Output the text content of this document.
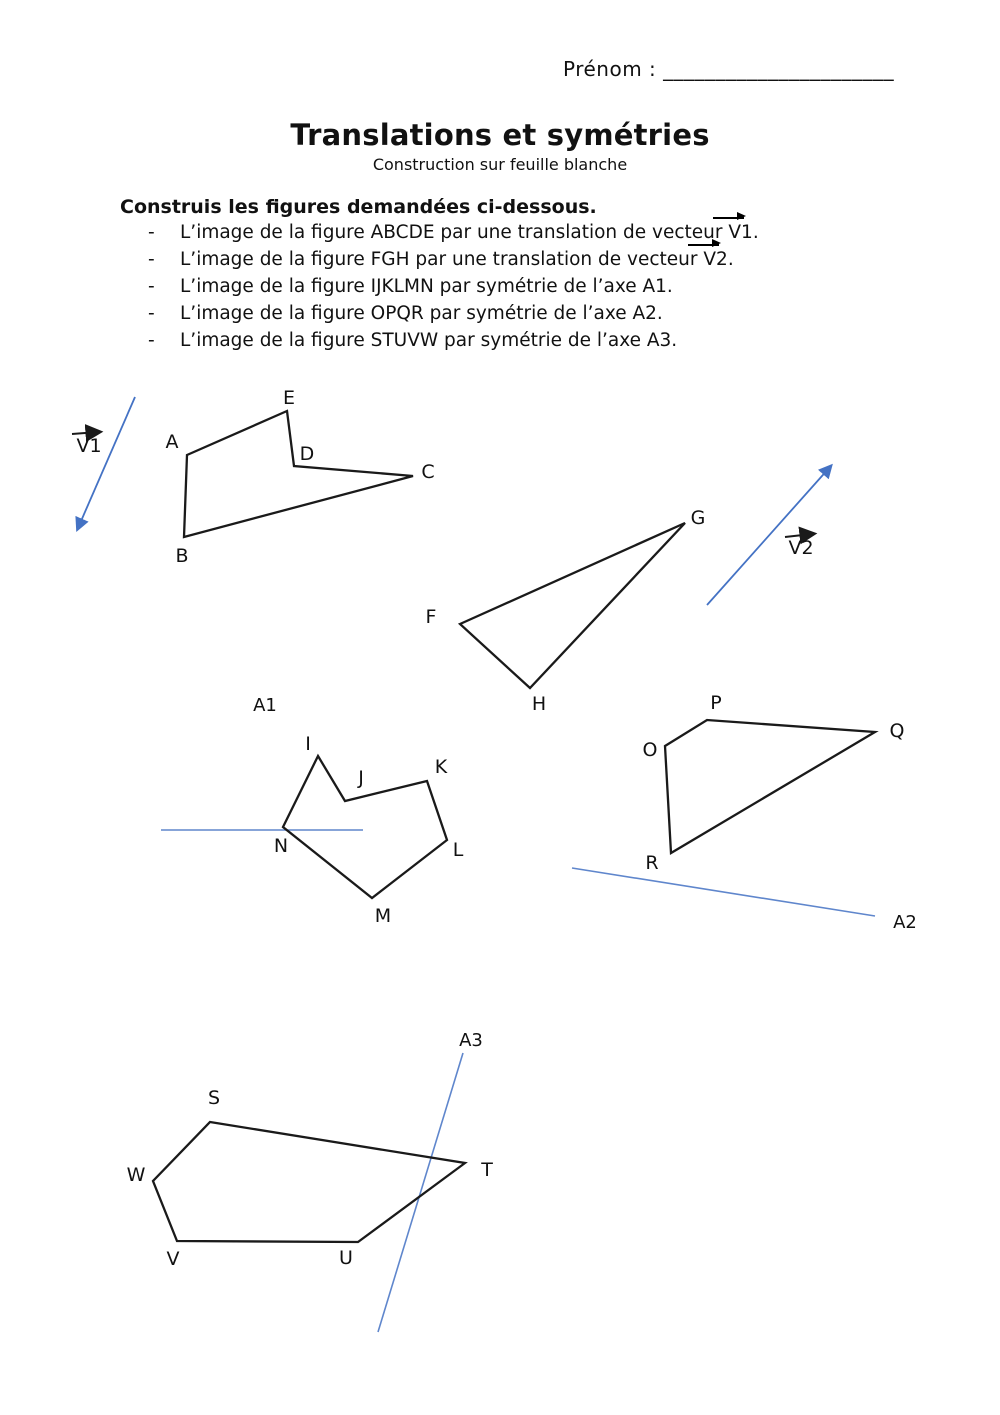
Prénom : ______________________
Translations et symétries
Construction sur feuille blanche
Construis les figures demandées ci-dessous.
-	L’image de la figure ABCDE par une translation de vecteur V1.
-	L’image de la figure FGH par une translation de vecteur V2.
-	L’image de la figure IJKLMN par symétrie de l’axe A1.
-	L’image de la figure OPQR par symétrie de l’axe A2.
-	L’image de la figure STUVW par symétrie de l’axe A3.
V1	A
E
D
C
B
F
G
H
V2
A1
I
J	K
L
M
N
O
P
Q
R
A2
A3
S
T
U
V
W
